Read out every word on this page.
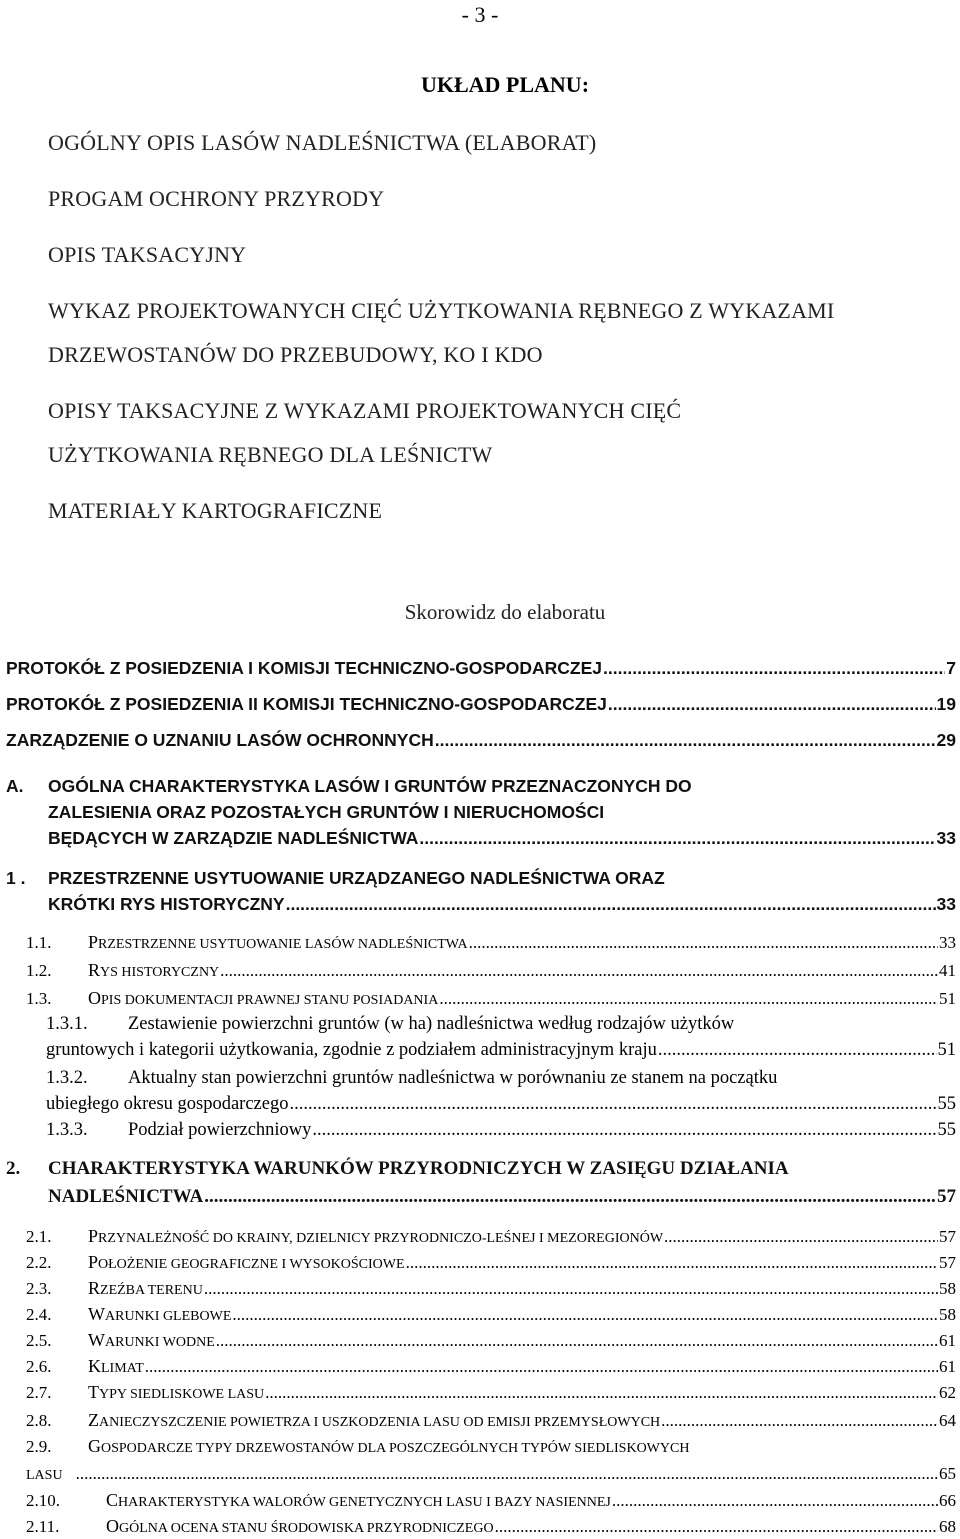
- 3 -
UKŁAD PLANU:
OGÓLNY OPIS LASÓW NADLEŚNICTWA (ELABORAT)
PROGAM OCHRONY PRZYRODY
OPIS TAKSACYJNY
WYKAZ PROJEKTOWANYCH CIĘĆ UŻYTKOWANIA RĘBNEGO Z WYKAZAMI
DRZEWOSTANÓW DO PRZEBUDOWY, KO I KDO
OPISY TAKSACYJNE Z WYKAZAMI PROJEKTOWANYCH CIĘĆ
UŻYTKOWANIA RĘBNEGO DLA LEŚNICTW
MATERIAŁY KARTOGRAFICZNE
Skorowidz do elaboratu
PROTOKÓŁ Z POSIEDZENIA I KOMISJI TECHNICZNO-GOSPODARCZEJ .....	7
PROTOKÓŁ Z POSIEDZENIA II KOMISJI TECHNICZNO-GOSPODARCZEJ .....	19
ZARZĄDZENIE O UZNANIU LASÓW OCHRONNYCH .....	29
A. OGÓLNA CHARAKTERYSTYKA LASÓW I GRUNTÓW PRZEZNACZONYCH DO
ZALESIENIA ORAZ POZOSTAŁYCH GRUNTÓW I NIERUCHOMOŚCI
BĘDĄCYCH W ZARZĄDZIE NADLEŚNICTWA .....	33
1 . PRZESTRZENNE USYTUOWANIE URZĄDZANEGO NADLEŚNICTWA ORAZ
KRÓTKI RYS HISTORYCZNY .....	33
1.1.	P RZESTRZENNE USYTUOWANIE LASÓW NADLEŚNICTWA .....	33
1.2.	R YS HISTORYCZNY .....	41
1.3.	O PIS DOKUMENTACJI PRAWNEJ STANU POSIADANIA .....	51
1.3.1. Zestawienie powierzchni gruntów (w ha) nadleśnictwa według rodzajów użytków
gruntowych i kategorii użytkowania, zgodnie z podziałem administracyjnym kraju .....	51
1.3.2. Aktualny stan powierzchni gruntów nadleśnictwa w porównaniu ze stanem na początku
ubiegłego okresu gospodarczego .....	55
1.3.3.	Podział powierzchniowy .....	55
2. CHARAKTERYSTYKA WARUNKÓW PRZYRODNICZYCH W ZASIĘGU DZIAŁANIA
NADLEŚNICTWA .....	57
2.1.	P RZYNALEŻNOŚĆ DO KRAINY, DZIELNICY PRZYRODNICZO-LEŚNEJ I MEZOREGIONÓW .....	57
2.2.	P OŁOŻENIE GEOGRAFICZNE I WYSOKOŚCIOWE .....	57
2.3.	R ZEŹBA TERENU .....	58
2.4.	W ARUNKI GLEBOWE .....	58
2.5.	W ARUNKI WODNE .....	61
2.6.	K LIMAT .....	61
2.7.	T YPY SIEDLISKOWE LASU .....	62
2.8.	Z ANIECZYSZCZENIE POWIETRZA I USZKODZENIA LASU OD EMISJI PRZEMYSŁOWYCH .....	64
2.9. GOSPODARCZE TYPY DRZEWOSTANÓW DLA POSZCZEGÓLNYCH TYPÓW SIEDLISKOWYCH
LASU .....	65
2.10.	C HARAKTERYSTYKA WALORÓW GENETYCZNYCH LASU I BAZY NASIENNEJ .....	66
2.11.	O GÓLNA OCENA STANU ŚRODOWISKA PRZYRODNICZEGO .....	68
